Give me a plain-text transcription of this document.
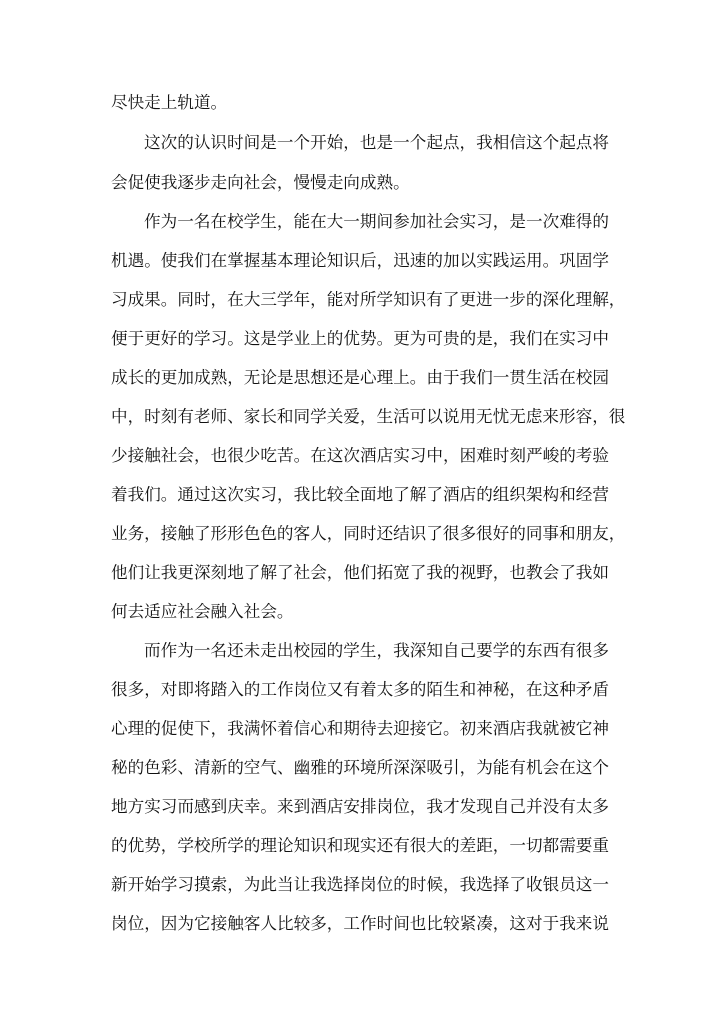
尽快走上轨道。
这次的认识时间是一个开始，也是一个起点，我相信这个起点将
会促使我逐步走向社会，慢慢走向成熟。
作为一名在校学生，能在大一期间参加社会实习，是一次难得的
机遇。使我们在掌握基本理论知识后，迅速的加以实践运用。巩固学
习成果。同时，在大三学年，能对所学知识有了更进一步的深化理解，
便于更好的学习。这是学业上的优势。更为可贵的是，我们在实习中
成长的更加成熟，无论是思想还是心理上。由于我们一贯生活在校园
中，时刻有老师、家长和同学关爱，生活可以说用无忧无虑来形容，很
少接触社会，也很少吃苦。在这次酒店实习中，困难时刻严峻的考验
着我们。通过这次实习，我比较全面地了解了酒店的组织架构和经营
业务，接触了形形色色的客人，同时还结识了很多很好的同事和朋友，
他们让我更深刻地了解了社会，他们拓宽了我的视野，也教会了我如
何去适应社会融入社会。
而作为一名还未走出校园的学生，我深知自己要学的东西有很多
很多，对即将踏入的工作岗位又有着太多的陌生和神秘，在这种矛盾
心理的促使下，我满怀着信心和期待去迎接它。初来酒店我就被它神
秘的色彩、清新的空气、幽雅的环境所深深吸引，为能有机会在这个
地方实习而感到庆幸。来到酒店安排岗位，我才发现自己并没有太多
的优势，学校所学的理论知识和现实还有很大的差距，一切都需要重
新开始学习摸索，为此当让我选择岗位的时候，我选择了收银员这一
岗位，因为它接触客人比较多，工作时间也比较紧凑，这对于我来说
